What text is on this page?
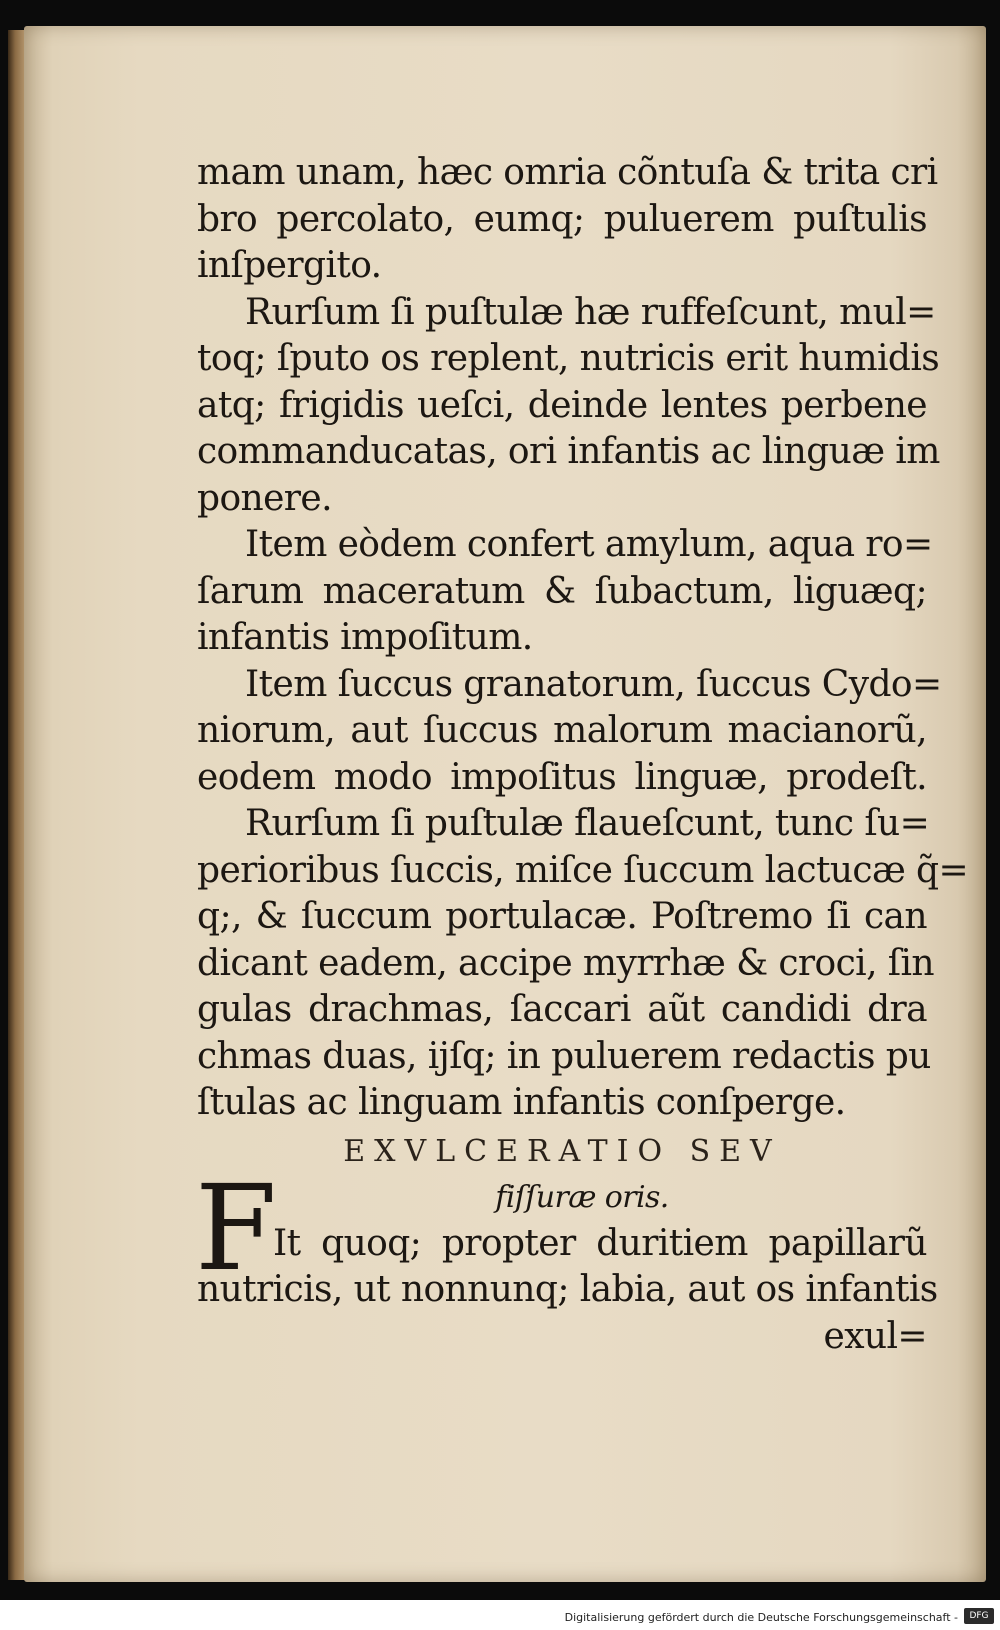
mam unam, hæc omria cõntuſa & trita cri
bro percolato, eumq; puluerem puſtulis
inſpergito.
Rurſum ſi puſtulæ hæ ruffeſcunt, mul=
toq; ſputo os replent, nutricis erit humidis
atq; frigidis ueſci, deinde lentes perbene
commanducatas, ori infantis ac linguæ im
ponere.
Item eòdem confert amylum, aqua ro=
ſarum maceratum & ſubactum, liguæq;
infantis impoſitum.
Item ſuccus granatorum, ſuccus Cydo=
niorum, aut ſuccus malorum macianorũ,
eodem modo impoſitus linguæ, prodeſt.
Rurſum ſi puſtulæ flaueſcunt, tunc ſu=
perioribus ſuccis, miſce ſuccum lactucæ q̃=
q;, & ſuccum portulacæ. Poſtremo ſi can
dicant eadem, accipe myrrhæ & croci, ſin
gulas drachmas, ſaccari aũt candidi dra
chmas duas, ijſq; in puluerem redactis pu
ſtulas ac linguam infantis conſperge.
EXVLCERATIO SEV
fiſſuræ oris.
F
It quoq; propter duritiem papillarũ
nutricis, ut nonnunq; labia, aut os infantis
exul=
Digitalisierung gefördert durch die Deutsche Forschungsgemeinschaft -	DFG
